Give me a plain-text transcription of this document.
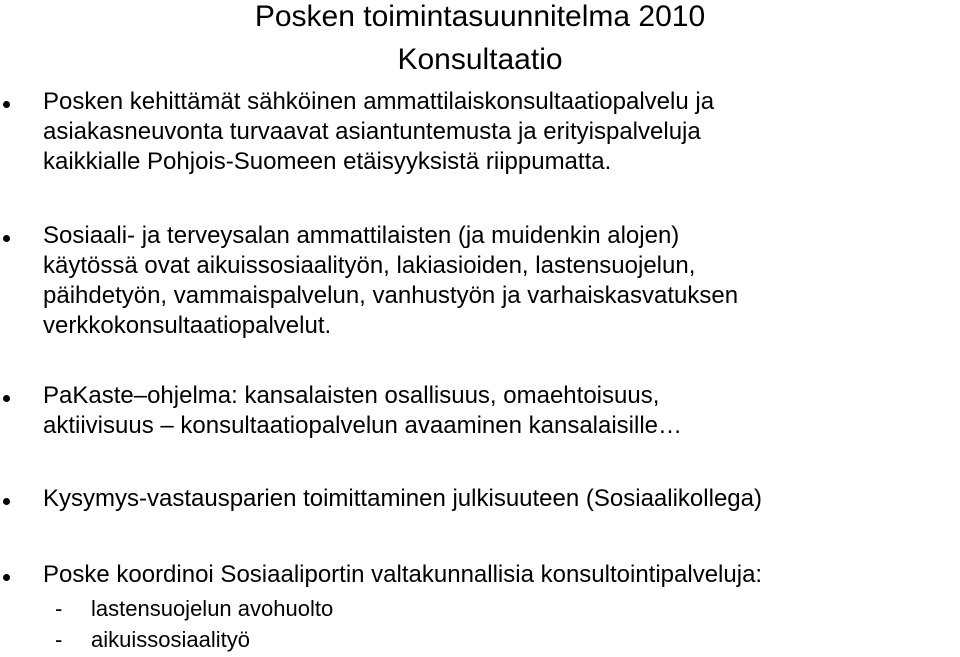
Posken toimintasuunnitelma 2010
Konsultaatio
Posken kehittämät sähköinen ammattilaiskonsultaatiopalvelu ja
asiakasneuvonta turvaavat asiantuntemusta ja erityispalveluja
kaikkialle Pohjois-Suomeen etäisyyksistä riippumatta.
Sosiaali- ja terveysalan ammattilaisten (ja muidenkin alojen)
käytössä ovat aikuissosiaalityön, lakiasioiden, lastensuojelun,
päihdetyön, vammaispalvelun, vanhustyön ja varhaiskasvatuksen
verkkokonsultaatiopalvelut.
PaKaste–ohjelma: kansalaisten osallisuus, omaehtoisuus,
aktiivisuus – konsultaatiopalvelun avaaminen kansalaisille…
Kysymys-vastausparien toimittaminen julkisuuteen (Sosiaalikollega)
Poske koordinoi Sosiaaliportin valtakunnallisia konsultointipalveluja:
- lastensuojelun avohuolto
- aikuissosiaalityö
